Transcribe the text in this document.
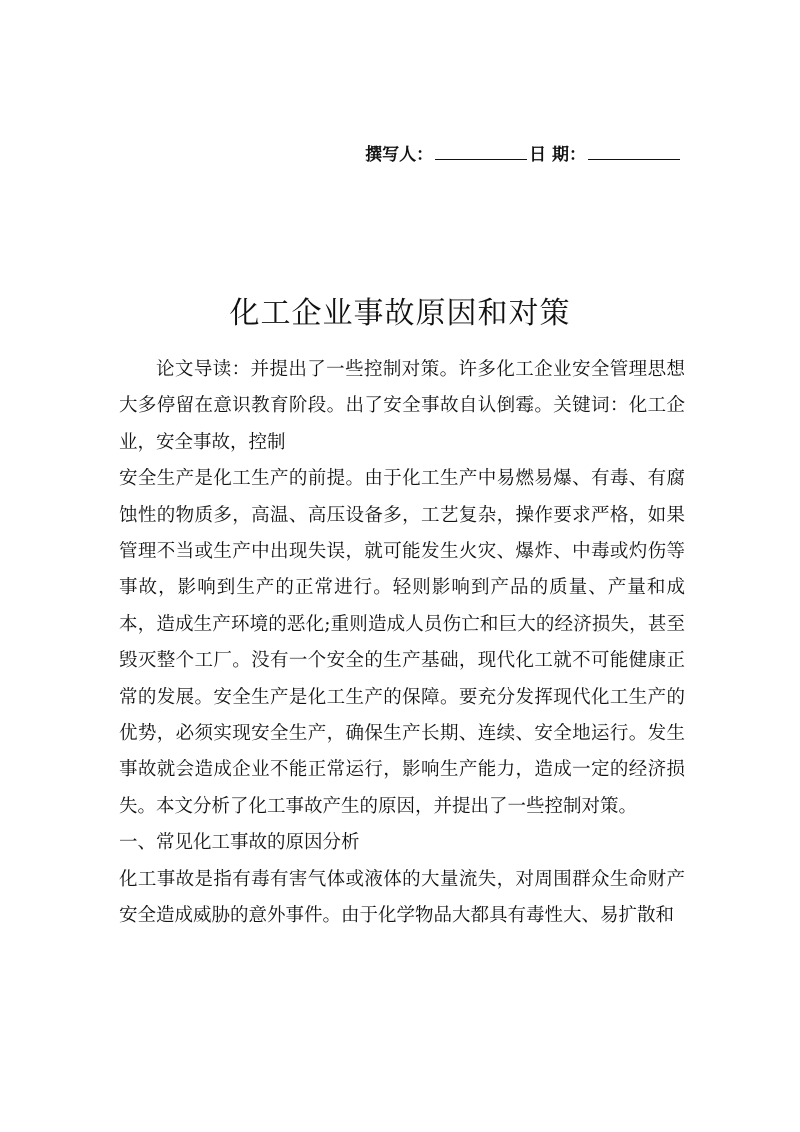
撰写人：	日 期：
化工企业事故原因和对策

论文导读：并提出了一些控制对策。许多化工企业安全管理思想大多停留在意识教育阶段。出了安全事故自认倒霉。关键词：化工企业，安全事故，控制

安全生产是化工生产的前提。由于化工生产中易燃易爆、有毒、有腐蚀性的物质多，高温、高压设备多，工艺复杂，操作要求严格，如果管理不当或生产中出现失误，就可能发生火灾、爆炸、中毒或灼伤等事故，影响到生产的正常进行。轻则影响到产品的质量、产量和成本，造成生产环境的恶化;重则造成人员伤亡和巨大的经济损失，甚至毁灭整个工厂。没有一个安全的生产基础，现代化工就不可能健康正常的发展。安全生产是化工生产的保障。要充分发挥现代化工生产的优势，必须实现安全生产，确保生产长期、连续、安全地运行。发生事故就会造成企业不能正常运行，影响生产能力，造成一定的经济损失。本文分析了化工事故产生的原因，并提出了一些控制对策。

一、常见化工事故的原因分析

化工事故是指有毒有害气体或液体的大量流失，对周围群众生命财产安全造成威胁的意外事件。由于化学物品大都具有毒性大、易扩散和
